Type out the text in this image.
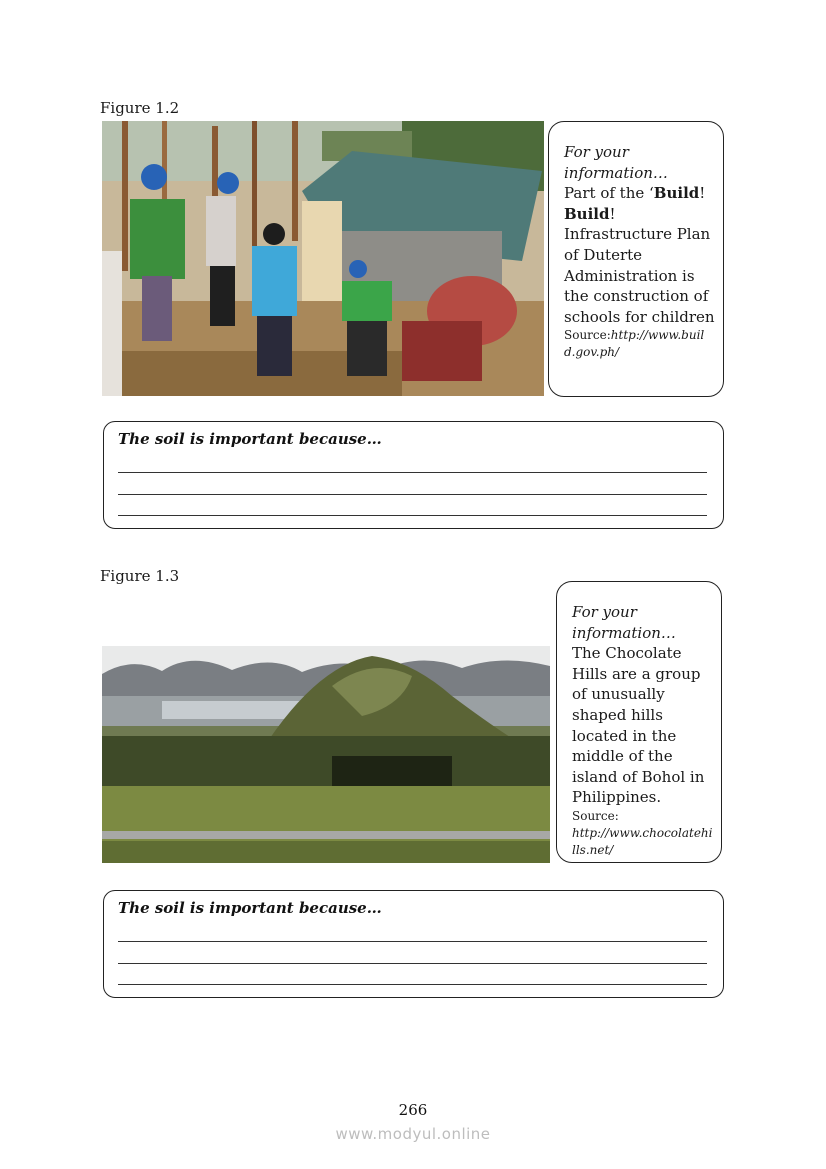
Figure 1.2
For your
information…
Part of the ‘Build! Build! Infrastructure Plan of Duterte Administration is the construction of schools for children
Source:http://www.build.gov.ph/
The soil is important because…
Figure 1.3
For your
information…
The Chocolate Hills are a group of unusually shaped hills located in the middle of the island of Bohol in Philippines.
Source:
http://www.chocolatehills.net/
The soil is important because…
266
www.modyul.online
